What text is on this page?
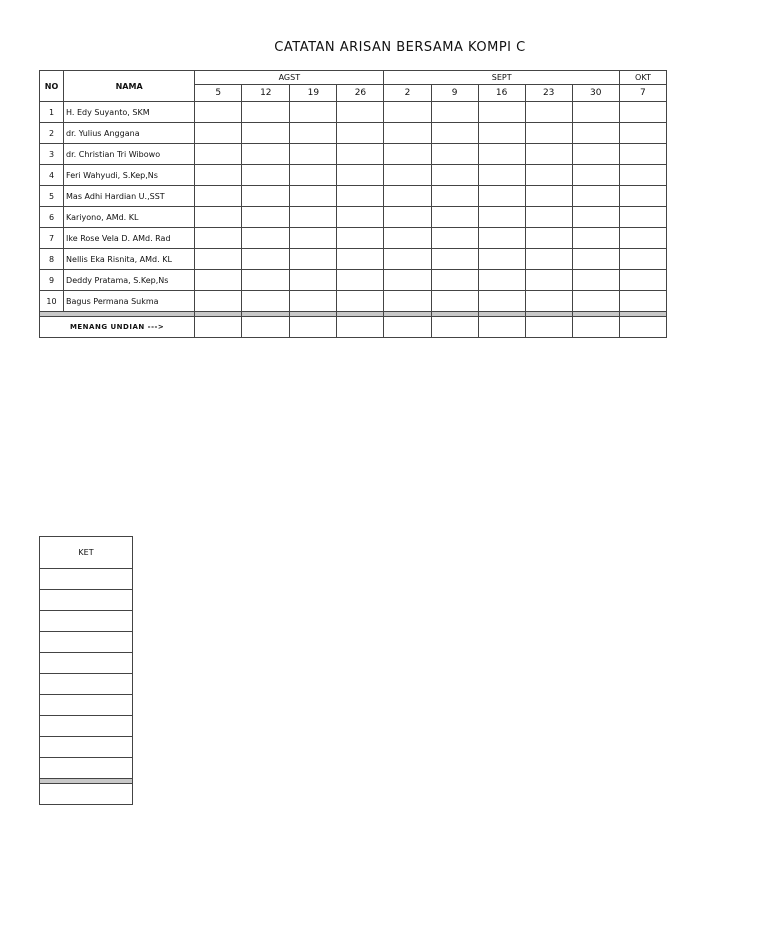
CATATAN ARISAN BERSAMA KOMPI C
NO	NAMA	AGST				SEPT					OKT
		5	12	19	26	2	9	16	23	30	7
1	H. Edy Suyanto, SKM										
2	dr. Yulius Anggana										
3	dr. Christian Tri Wibowo										
4	Feri Wahyudi, S.Kep,Ns										
5	Mas Adhi Hardian U.,SST										
6	Kariyono, AMd. KL										
7	Ike Rose Vela D. AMd. Rad										
8	Nellis Eka Risnita, AMd. KL										
9	Deddy Pratama, S.Kep,Ns										
10	Bagus Permana Sukma										

MENANG UNDIAN --->											
KET
